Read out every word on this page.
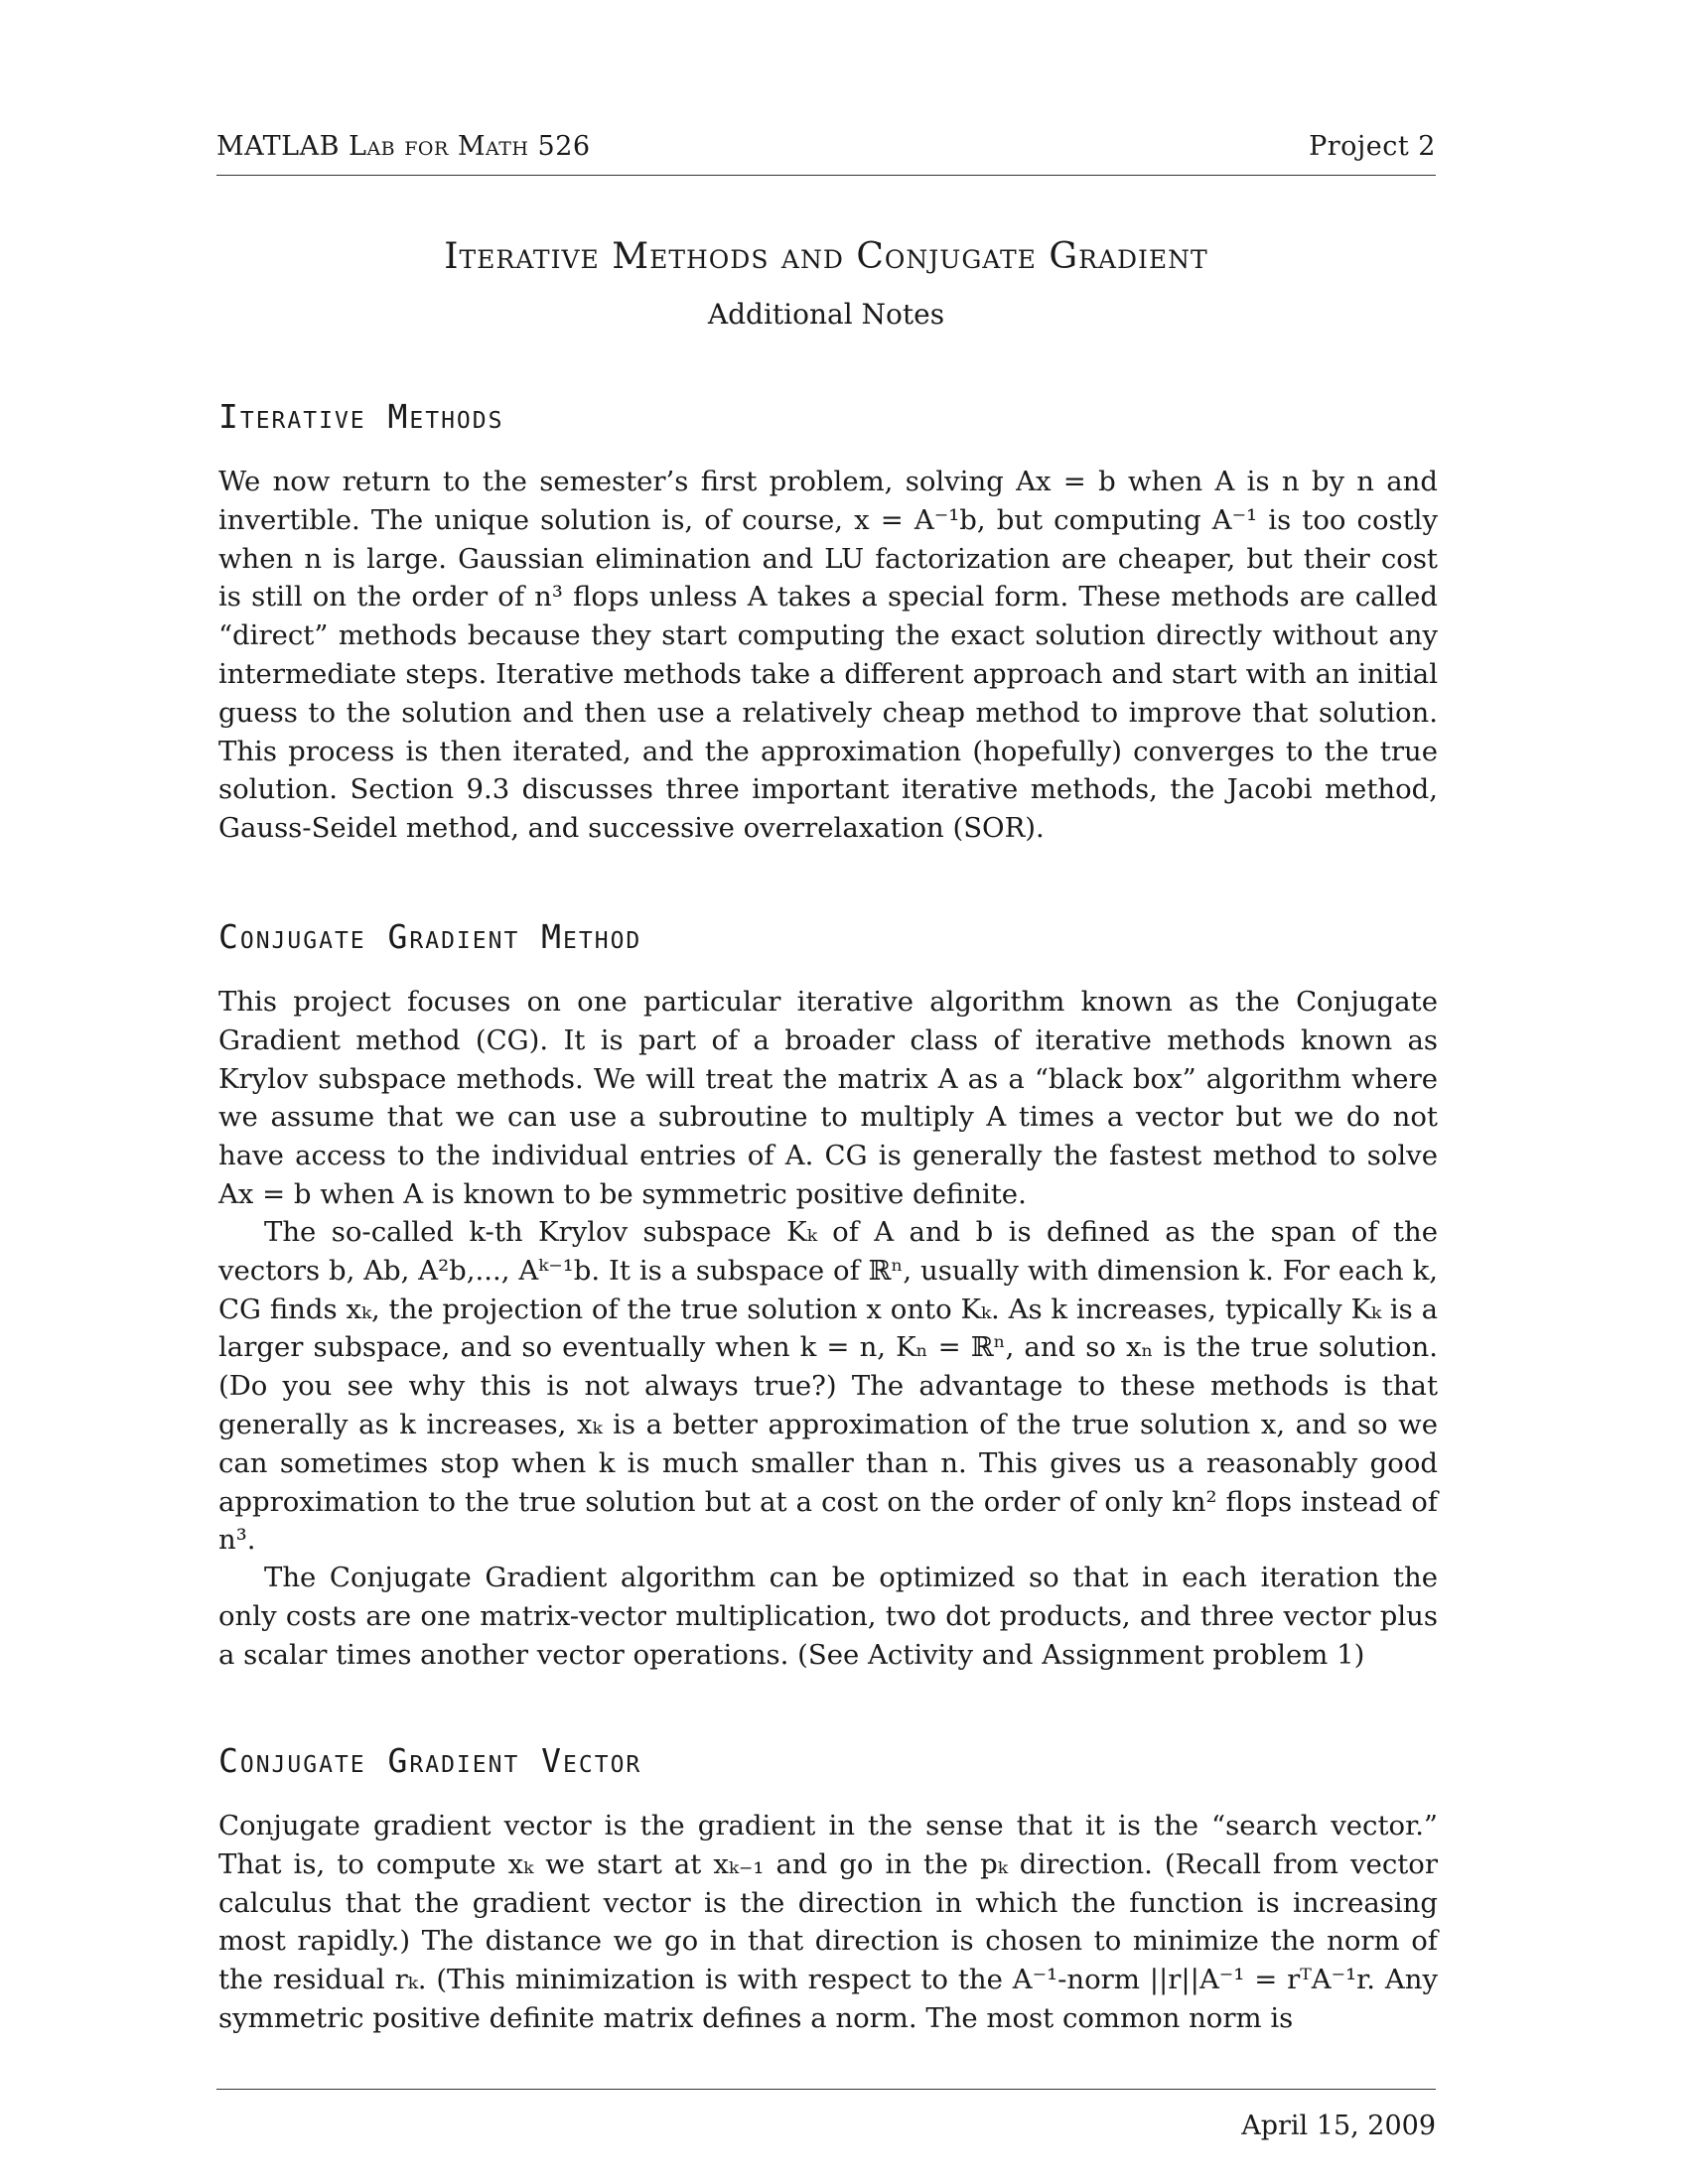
MATLAB Lab for Math 526	Project 2
Iterative Methods and Conjugate Gradient
Additional Notes
Iterative Methods

We now return to the semester’s first problem, solving Ax = b when A is n by n and invertible. The unique solution is, of course, x = A⁻¹b, but computing A⁻¹ is too costly when n is large. Gaussian elimination and LU factorization are cheaper, but their cost is still on the order of n³ flops unless A takes a special form. These methods are called “direct” methods because they start computing the exact solution directly without any intermediate steps. Iterative methods take a different approach and start with an initial guess to the solution and then use a relatively cheap method to improve that solution. This process is then iterated, and the approximation (hopefully) converges to the true solution. Section 9.3 discusses three important iterative methods, the Jacobi method, Gauss-Seidel method, and successive overrelaxation (SOR).

Conjugate Gradient Method

This project focuses on one particular iterative algorithm known as the Conjugate Gradient method (CG). It is part of a broader class of iterative methods known as Krylov subspace methods. We will treat the matrix A as a “black box” algorithm where we assume that we can use a subroutine to multiply A times a vector but we do not have access to the individual entries of A. CG is generally the fastest method to solve Ax = b when A is known to be symmetric positive definite.

The so-called k-th Krylov subspace Kₖ of A and b is defined as the span of the vectors b, Ab, A²b,..., Aᵏ⁻¹b. It is a subspace of ℝⁿ, usually with dimension k. For each k, CG finds xₖ, the projection of the true solution x onto Kₖ. As k increases, typically Kₖ is a larger subspace, and so eventually when k = n, Kₙ = ℝⁿ, and so xₙ is the true solution. (Do you see why this is not always true?) The advantage to these methods is that generally as k increases, xₖ is a better approximation of the true solution x, and so we can sometimes stop when k is much smaller than n. This gives us a reasonably good approximation to the true solution but at a cost on the order of only kn² flops instead of n³.

The Conjugate Gradient algorithm can be optimized so that in each iteration the only costs are one matrix-vector multiplication, two dot products, and three vector plus a scalar times another vector operations. (See Activity and Assignment problem 1)

Conjugate Gradient Vector

Conjugate gradient vector is the gradient in the sense that it is the “search vector.” That is, to compute xₖ we start at xₖ₋₁ and go in the pₖ direction. (Recall from vector calculus that the gradient vector is the direction in which the function is increasing most rapidly.) The distance we go in that direction is chosen to minimize the norm of the residual rₖ. (This minimization is with respect to the A⁻¹-norm ||r||A⁻¹ = rᵀA⁻¹r. Any symmetric positive definite matrix defines a norm. The most common norm is

April 15, 2009
